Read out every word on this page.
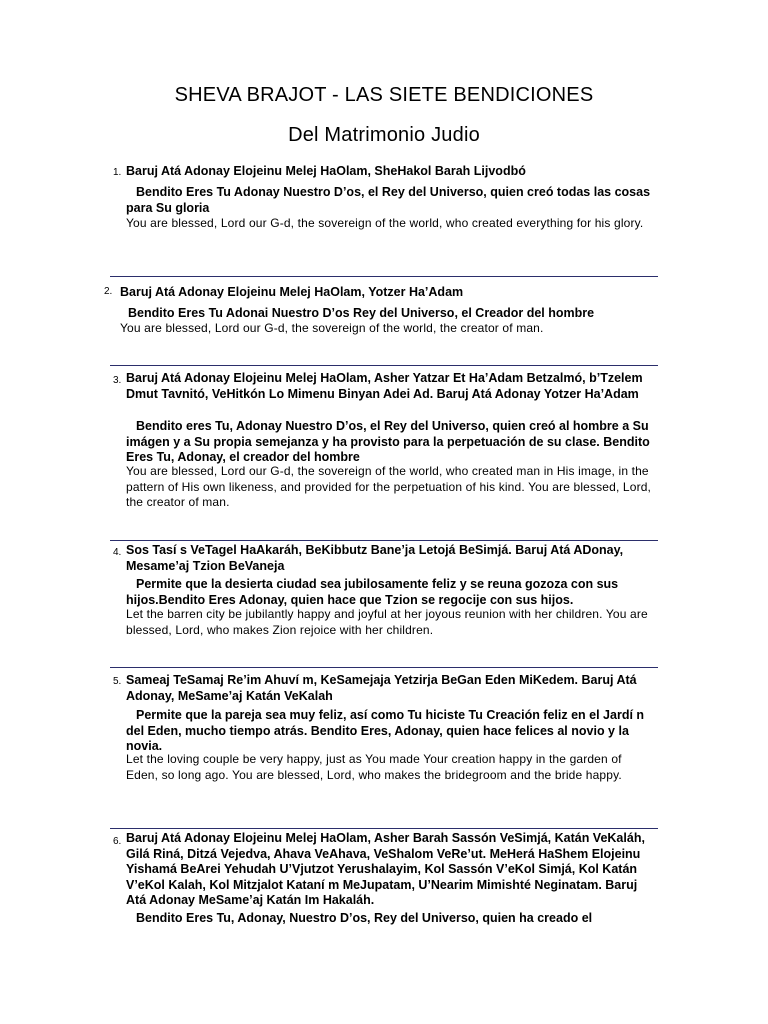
SHEVA BRAJOT - LAS SIETE BENDICIONES
Del Matrimonio Judio
1. Baruj Atá Adonay Elojeinu Melej HaOlam, SheHakol Barah Lijvodbó
Bendito Eres Tu Adonay Nuestro D’os, el Rey del Universo, quien creó todas las cosas para Su gloria
You are blessed, Lord our G-d, the sovereign of the world, who created everything for his glory.
2. Baruj Atá Adonay Elojeinu Melej HaOlam, Yotzer Ha’Adam
Bendito Eres Tu Adonai Nuestro D’os Rey del Universo, el Creador del hombre
You are blessed, Lord our G-d, the sovereign of the world, the creator of man.
3. Baruj Atá Adonay Elojeinu Melej HaOlam, Asher Yatzar Et Ha’Adam Betzalmó, b’Tzelem Dmut Tavnitó, VeHitkón Lo Mimenu Binyan Adei Ad. Baruj Atá Adonay Yotzer Ha’Adam
Bendito eres Tu, Adonay Nuestro D’os, el Rey del Universo, quien creó al hombre a Su imágen y a Su propia semejanza y ha provisto para la perpetuación de su clase. Bendito Eres Tu, Adonay, el creador del hombre
You are blessed, Lord our G-d, the sovereign of the world, who created man in His image, in the pattern of His own likeness, and provided for the perpetuation of his kind. You are blessed, Lord, the creator of man.
4. Sos Tasí s VeTagel HaAkaráh, BeKibbutz Bane’ja Letojá BeSimjá. Baruj Atá ADonay, Mesame’aj Tzion BeVaneja
Permite que la desierta ciudad sea jubilosamente feliz y se reuna gozoza con sus hijos.Bendito Eres Adonay, quien hace que Tzion se regocije con sus hijos.
Let the barren city be jubilantly happy and joyful at her joyous reunion with her children. You are blessed, Lord, who makes Zion rejoice with her children.
5. Sameaj TeSamaj Re’im Ahuví m, KeSamejaja Yetzirja BeGan Eden MiKedem. Baruj Atá Adonay, MeSame’aj Katán VeKalah
Permite que la pareja sea muy feliz, así como Tu hiciste Tu Creación feliz en el Jardí n del Eden, mucho tiempo atrás. Bendito Eres, Adonay, quien hace felices al novio y la novia.
Let the loving couple be very happy, just as You made Your creation happy in the garden of Eden, so long ago. You are blessed, Lord, who makes the bridegroom and the bride happy.
6. Baruj Atá Adonay Elojeinu Melej HaOlam, Asher Barah Sassón VeSimjá, Katán VeKaláh, Gilá Riná, Ditzá Vejedva, Ahava VeAhava, VeShalom VeRe’ut. MeHerá HaShem Elojeinu Yishamá BeArei Yehudah U’Vjutzot Yerushalayim, Kol Sassón V’eKol Simjá, Kol Katán V’eKol Kalah, Kol Mitzjalot Kataní m MeJupatam, U’Nearim Mimishté Neginatam. Baruj Atá Adonay MeSame’aj Katán Im Hakaláh.
Bendito Eres Tu, Adonay, Nuestro D’os, Rey del Universo, quien ha creado el
